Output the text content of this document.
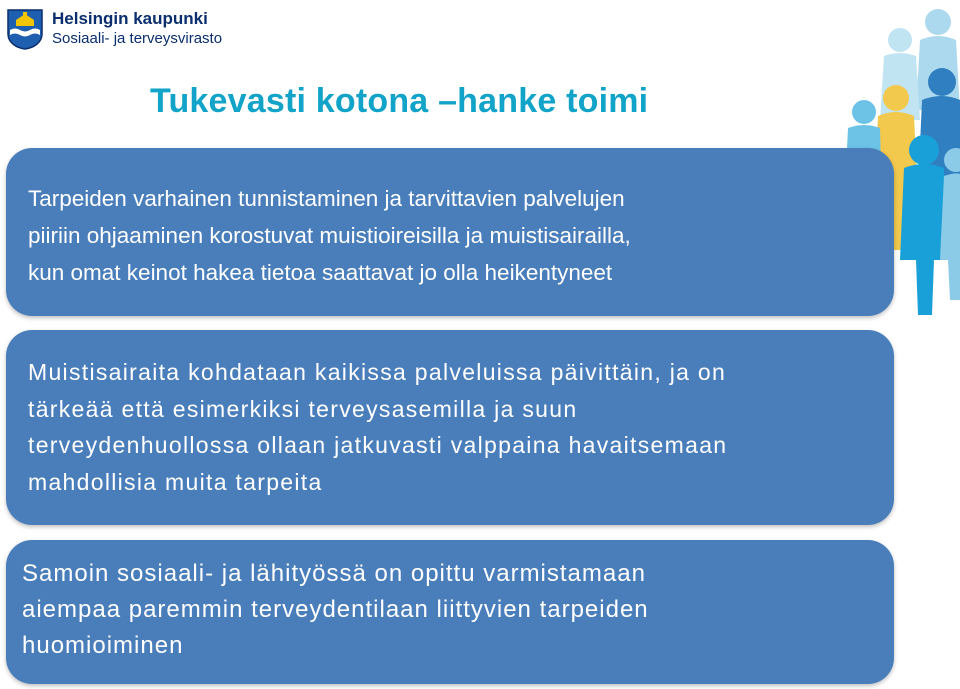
Helsingin kaupunki
Sosiaali- ja terveysvirasto
Tukevasti kotona –hanke toimi

Tarpeiden varhainen tunnistaminen ja tarvittavien palvelujen

piiriin ohjaaminen korostuvat muistioireisilla ja muistisairailla,

kun omat keinot hakea tietoa saattavat jo olla heikentyneet

Muistisairaita kohdataan kaikissa palveluissa päivittäin, ja on

tärkeää että esimerkiksi terveysasemilla ja suun

terveydenhuollossa ollaan jatkuvasti valppaina havaitsemaan

mahdollisia muita tarpeita

Samoin sosiaali- ja lähityössä on opittu varmistamaan

aiempaa paremmin terveydentilaan liittyvien tarpeiden

huomioiminen
